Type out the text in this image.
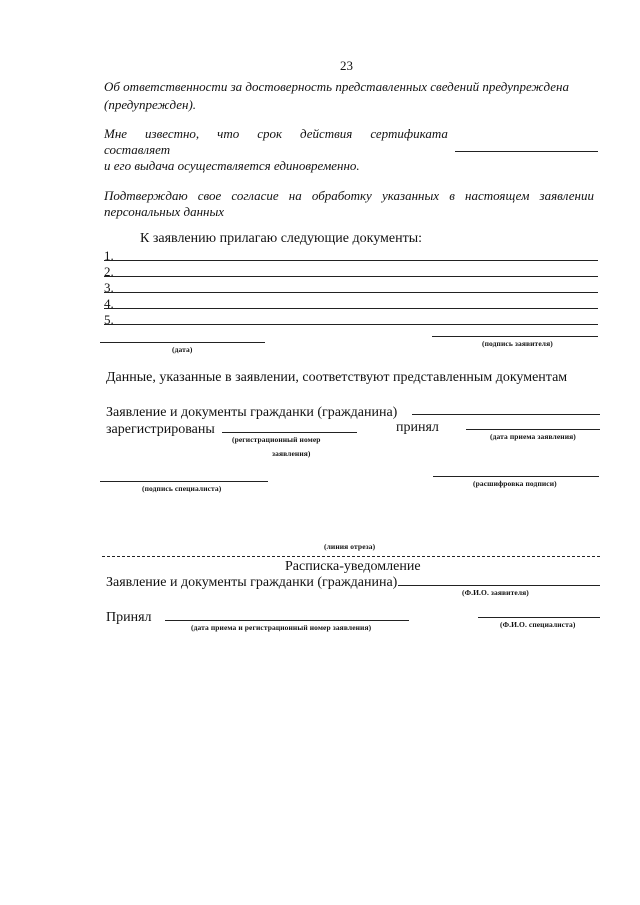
23
Об ответственности за достоверность представленных сведений предупреждена
(предупрежден).
Мне известно, что срок действия сертификата
составляет
и его выдача осуществляется единовременно.
Подтверждаю свое согласие на обработку указанных в настоящем заявлении
персональных данных
К заявлению прилагаю следующие документы:
1.
2.
3.
4.
5.
(дата)
(подпись заявителя)
Данные, указанные в заявлении, соответствуют представленным документам
Заявление и документы гражданки (гражданина)
зарегистрированы
(регистрационный номер
заявления)
принял
(дата приема заявления)
(подпись специалиста)
(расшифровка подписи)
(линия отреза)
Расписка-уведомление
Заявление и документы гражданки (гражданина)
(Ф.И.О. заявителя)
Принял
(дата приема и регистрационный номер заявления)	(Ф.И.О. специалиста)
